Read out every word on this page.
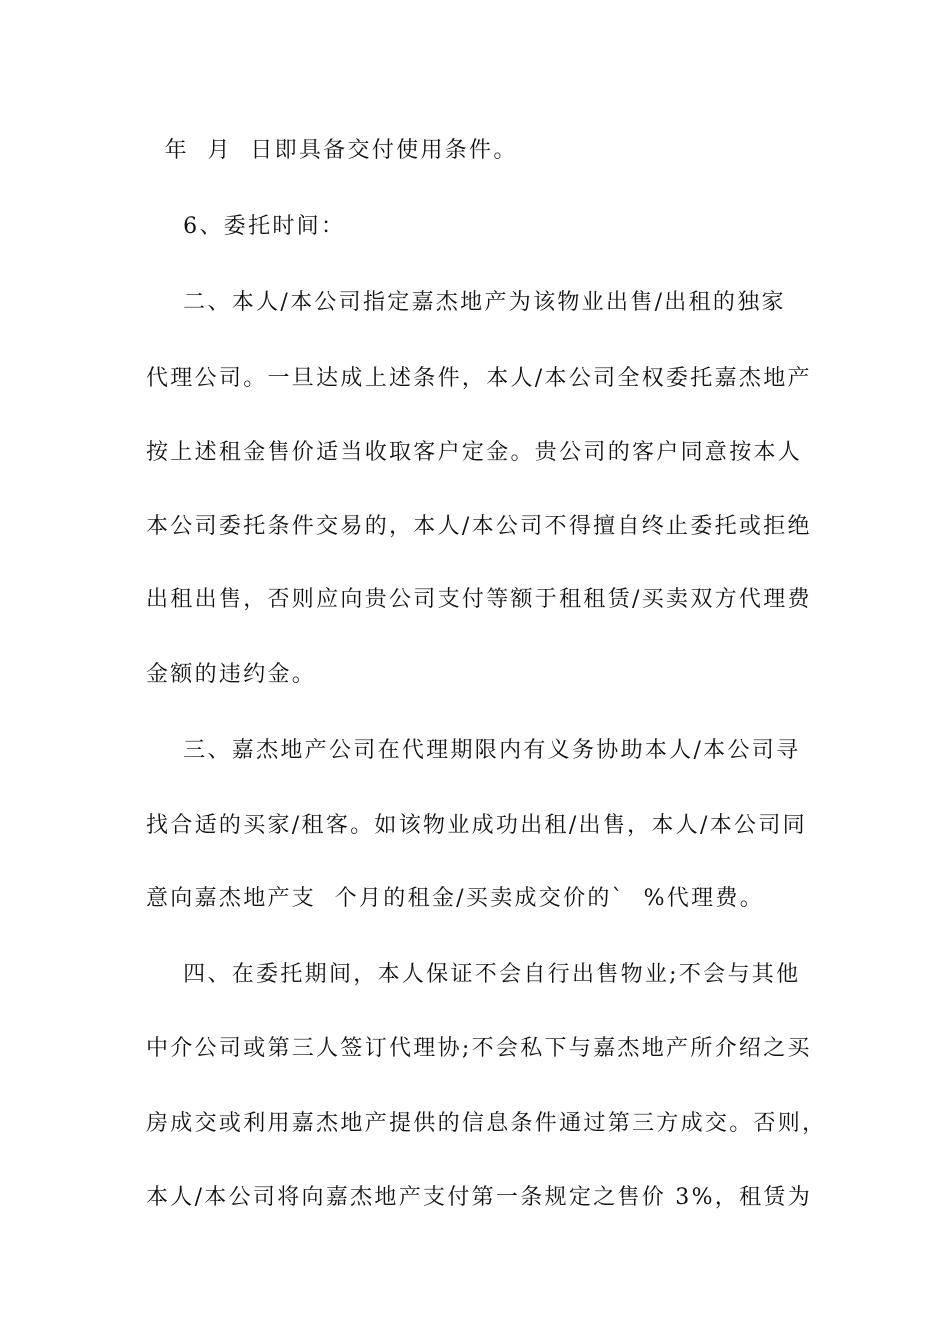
年  月  日即具备交付使用条件。
6、委托时间：
二、本人/本公司指定嘉杰地产为该物业出售/出租的独家
代理公司。一旦达成上述条件，本人/本公司全权委托嘉杰地产
按上述租金售价适当收取客户定金。贵公司的客户同意按本人
本公司委托条件交易的，本人/本公司不得擅自终止委托或拒绝
出租出售，否则应向贵公司支付等额于租租赁/买卖双方代理费
金额的违约金。
三、嘉杰地产公司在代理期限内有义务协助本人/本公司寻
找合适的买家/租客。如该物业成功出租/出售，本人/本公司同
意向嘉杰地产支  个月的租金/买卖成交价的`  %代理费。
四、在委托期间，本人保证不会自行出售物业;不会与其他
中介公司或第三人签订代理协;不会私下与嘉杰地产所介绍之买
房成交或利用嘉杰地产提供的信息条件通过第三方成交。否则，
本人/本公司将向嘉杰地产支付第一条规定之售价 3%，租赁为
